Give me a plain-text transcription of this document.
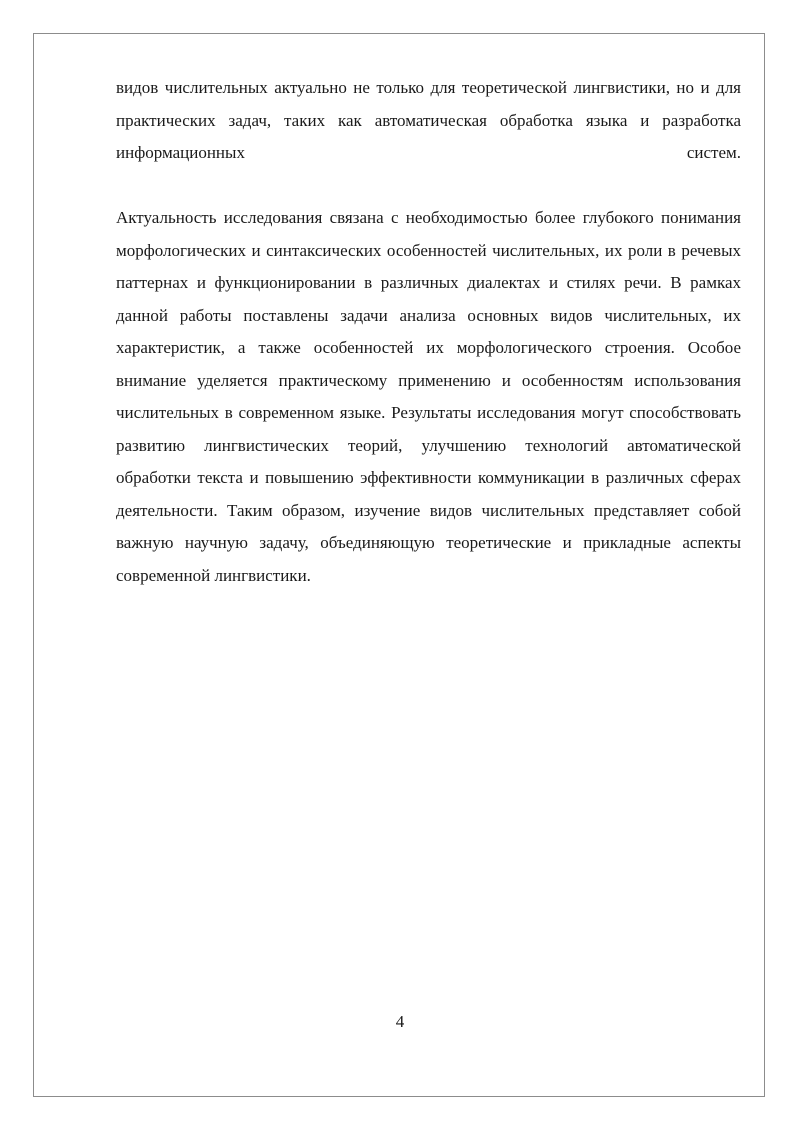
видов числительных актуально не только для теоретической лингвистики, но и для практических задач, таких как автоматическая обработка языка и разработка информационных систем.

Актуальность исследования связана с необходимостью более глубокого понимания морфологических и синтаксических особенностей числительных, их роли в речевых паттернах и функционировании в различных диалектах и стилях речи. В рамках данной работы поставлены задачи анализа основных видов числительных, их характеристик, а также особенностей их морфологического строения. Особое внимание уделяется практическому применению и особенностям использования числительных в современном языке. Результаты исследования могут способствовать развитию лингвистических теорий, улучшению технологий автоматической обработки текста и повышению эффективности коммуникации в различных сферах деятельности. Таким образом, изучение видов числительных представляет собой важную научную задачу, объединяющую теоретические и прикладные аспекты современной лингвистики.

4
